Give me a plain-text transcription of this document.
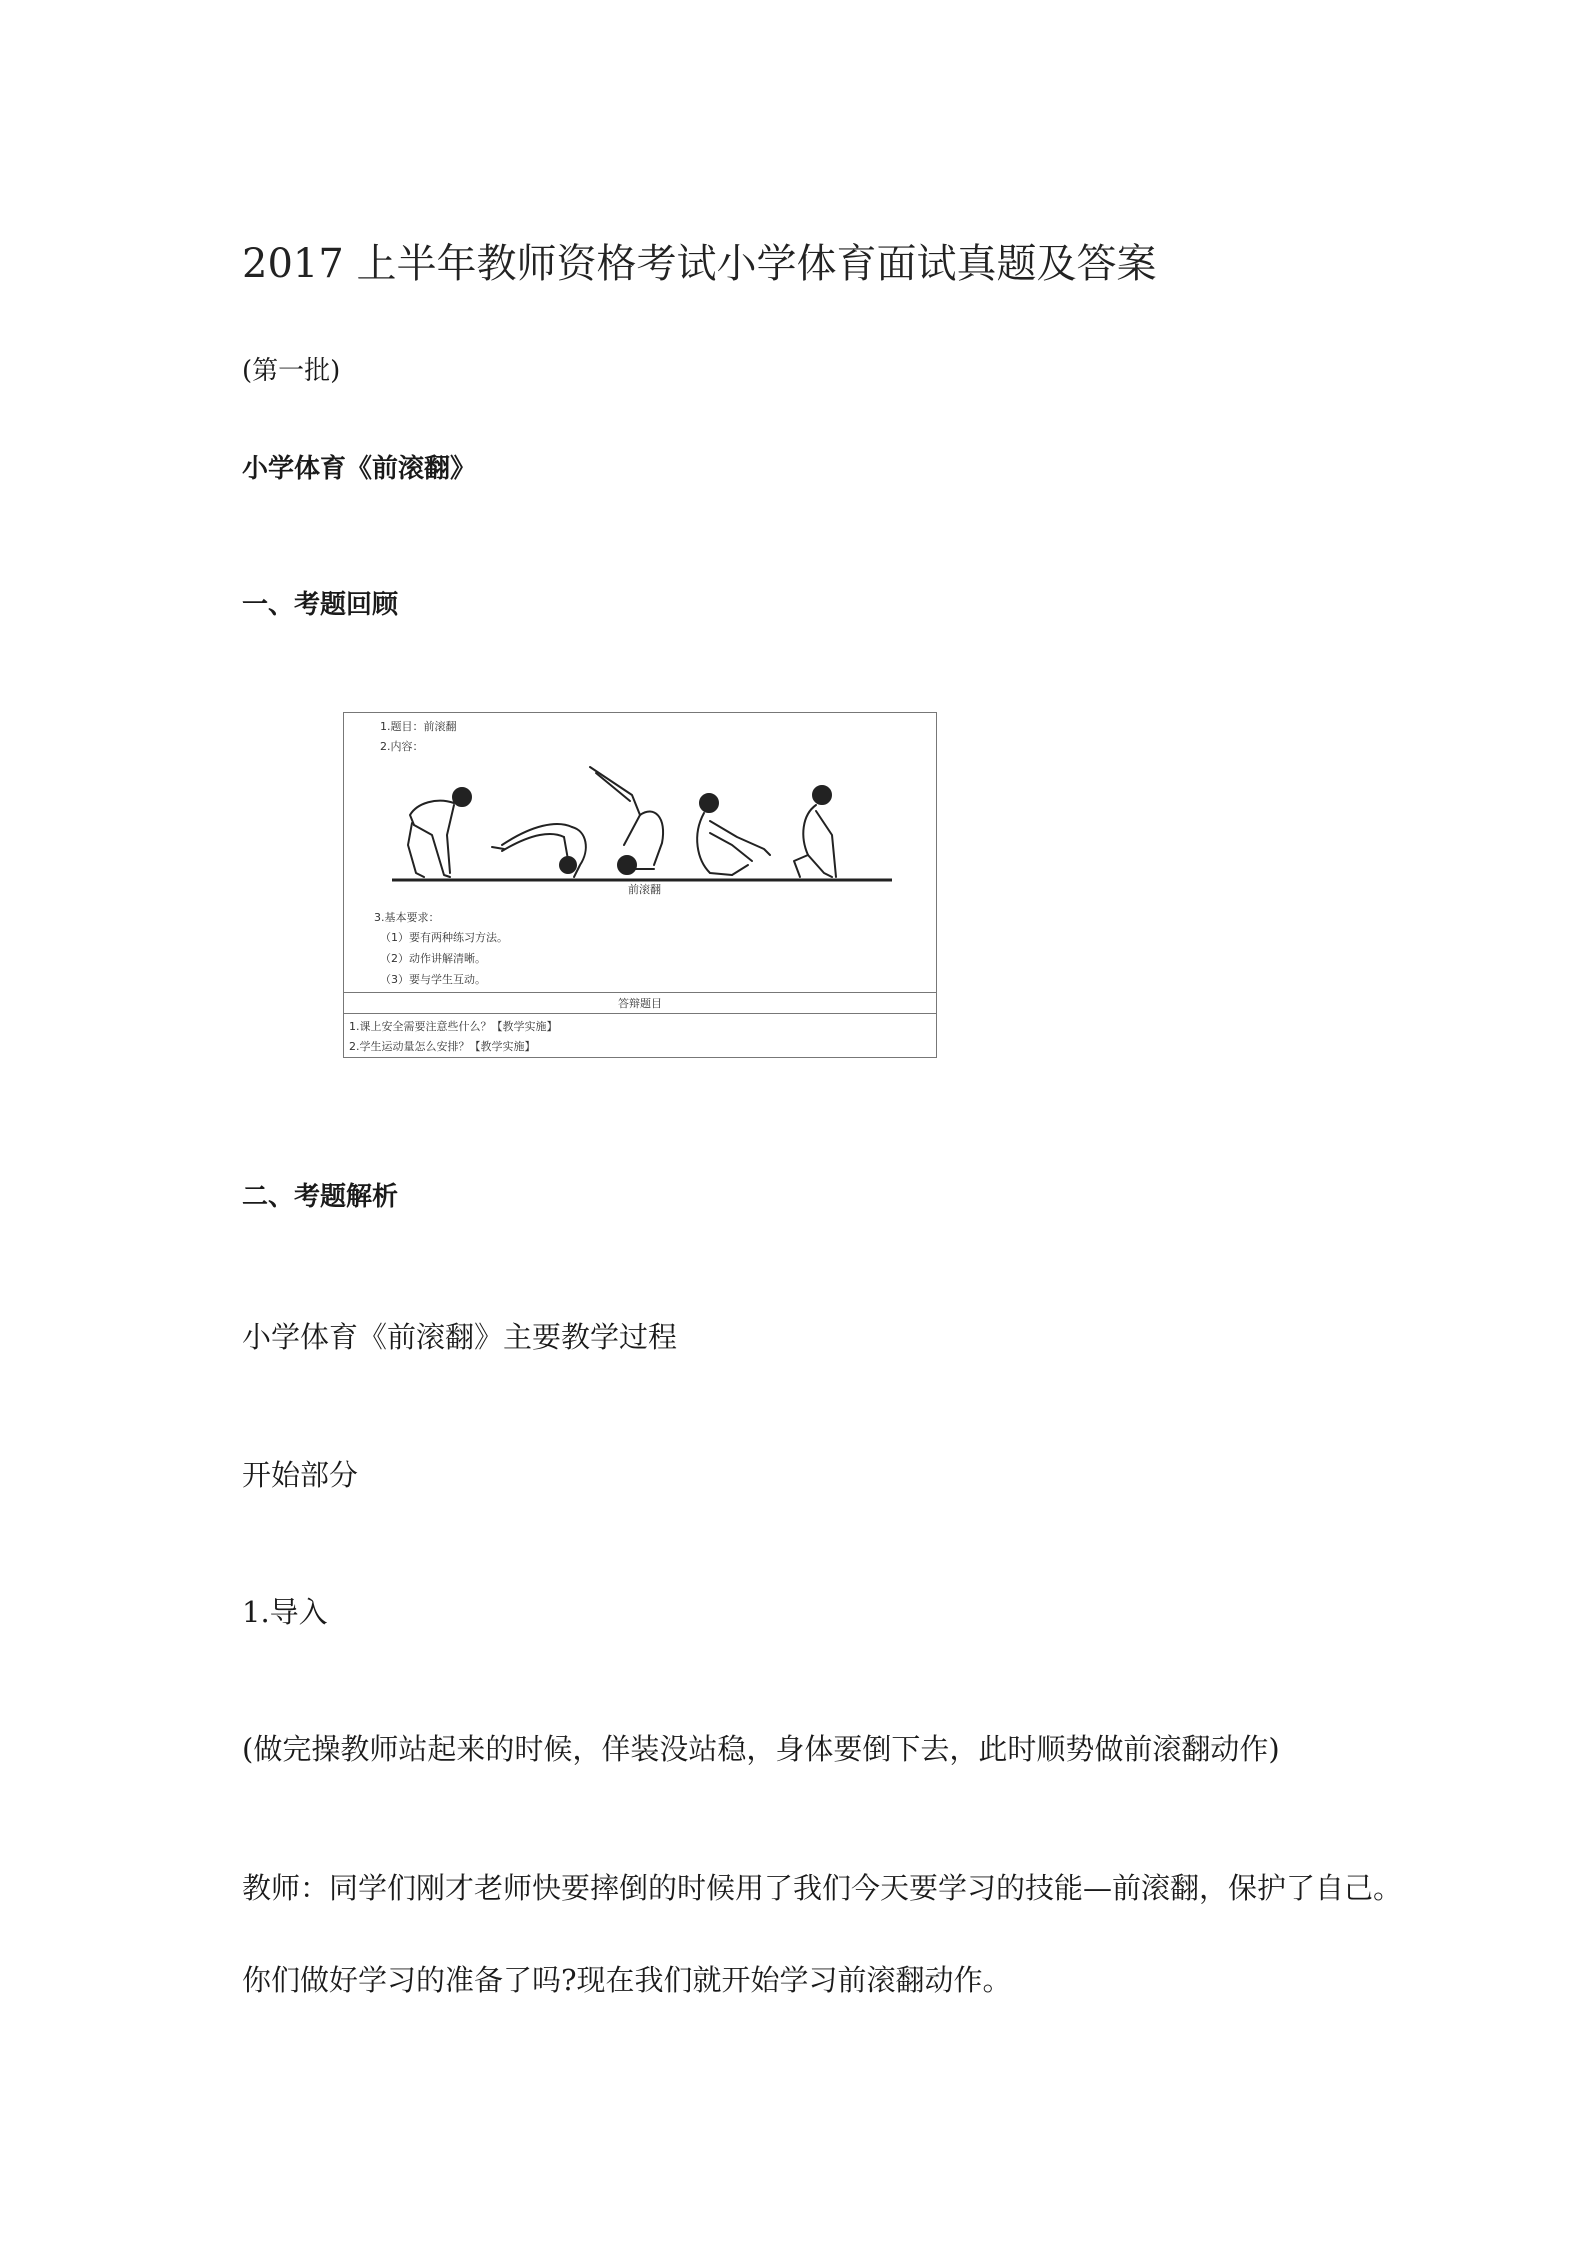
2017 上半年教师资格考试小学体育面试真题及答案
(第一批)
小学体育《前滚翻》
一、考题回顾
1.题目：前滚翻
2.内容：
前滚翻
3.基本要求：
（1）要有两种练习方法。
（2）动作讲解清晰。
（3）要与学生互动。
答辩题目
1.课上安全需要注意些什么？【教学实施】
2.学生运动量怎么安排？【教学实施】
二、考题解析
小学体育《前滚翻》主要教学过程
开始部分
1.导入
(做完操教师站起来的时候，佯装没站稳，身体要倒下去，此时顺势做前滚翻动作)
教师：同学们刚才老师快要摔倒的时候用了我们今天要学习的技能—前滚翻，保护了自己。
你们做好学习的准备了吗?现在我们就开始学习前滚翻动作。
